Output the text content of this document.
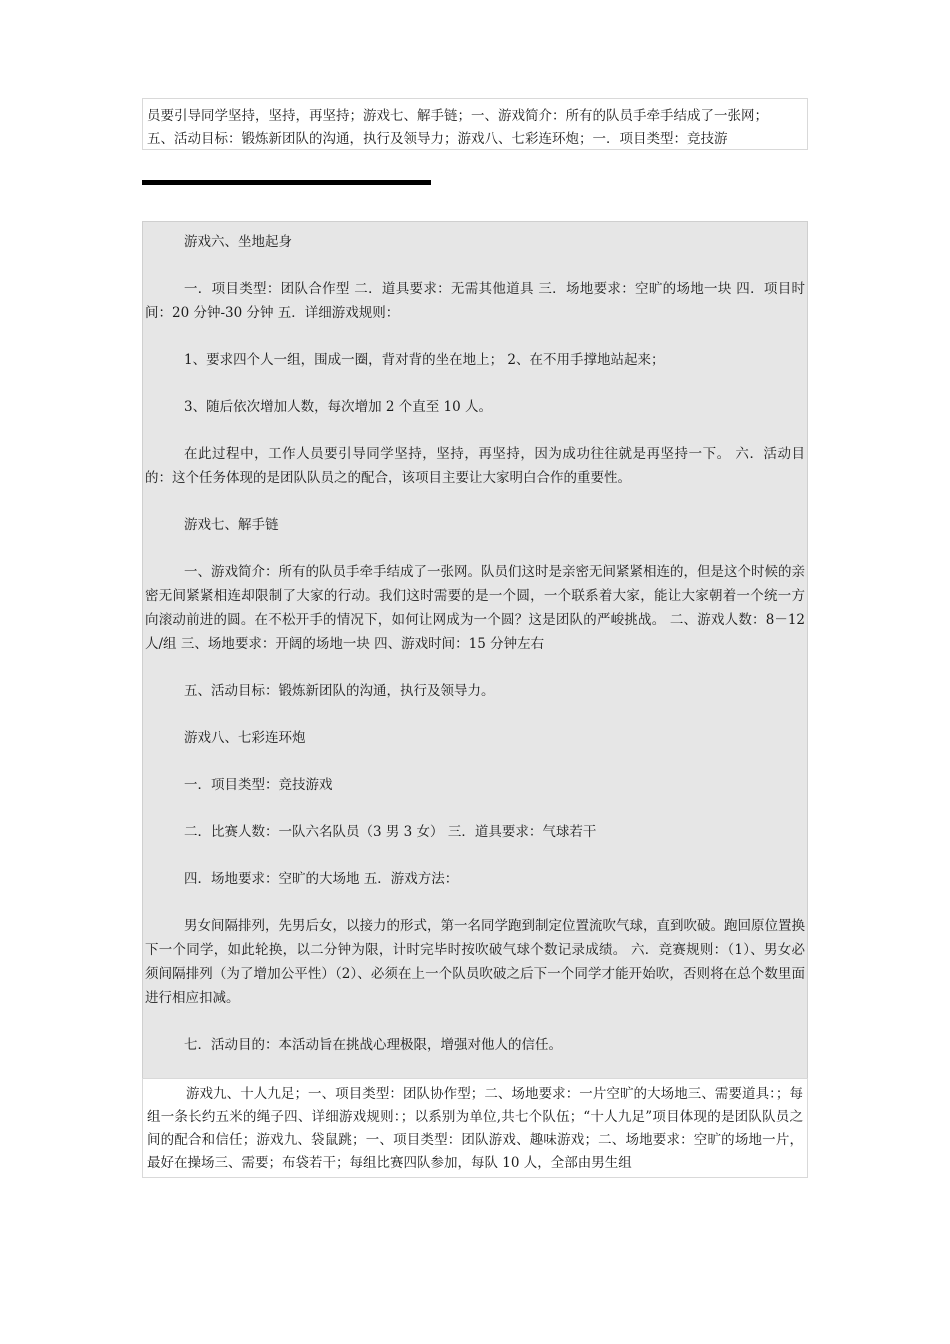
员要引导同学坚持，坚持，再坚持；游戏七、解手链；一、游戏简介：所有的队员手牵手结成了一张网；

五、活动目标：锻炼新团队的沟通，执行及领导力；游戏八、七彩连环炮；一．项目类型：竞技游

游戏六、坐地起身

一．项目类型：团队合作型 二．道具要求：无需其他道具 三．场地要求：空旷的场地一块 四．项目时间：20 分钟-30 分钟 五．详细游戏规则：

1、要求四个人一组，围成一圈，背对背的坐在地上； 2、在不用手撑地站起来；

3、随后依次增加人数，每次增加 2 个直至 10 人。

在此过程中，工作人员要引导同学坚持，坚持，再坚持，因为成功往往就是再坚持一下。 六．活动目的：这个任务体现的是团队队员之的配合，该项目主要让大家明白合作的重要性。

游戏七、解手链

一、游戏简介：所有的队员手牵手结成了一张网。队员们这时是亲密无间紧紧相连的，但是这个时候的亲密无间紧紧相连却限制了大家的行动。我们这时需要的是一个圆，一个联系着大家，能让大家朝着一个统一方向滚动前进的圆。在不松开手的情况下，如何让网成为一个圆？这是团队的严峻挑战。 二、游戏人数：8－12 人/组 三、场地要求：开阔的场地一块 四、游戏时间：15 分钟左右

五、活动目标：锻炼新团队的沟通，执行及领导力。

游戏八、七彩连环炮

一．项目类型：竞技游戏

二．比赛人数：一队六名队员（3 男 3 女） 三．道具要求：气球若干

四．场地要求：空旷的大场地 五．游戏方法：

男女间隔排列，先男后女，以接力的形式，第一名同学跑到制定位置流吹气球，直到吹破。跑回原位置换下一个同学，如此轮换，以二分钟为限，计时完毕时按吹破气球个数记录成绩。 六．竞赛规则：（1）、男女必须间隔排列（为了增加公平性）（2）、必须在上一个队员吹破之后下一个同学才能开始吹，否则将在总个数里面进行相应扣减。

七．活动目的：本活动旨在挑战心理极限，增强对他人的信任。

游戏九、十人九足；一、项目类型：团队协作型；二、场地要求：一片空旷的大场地三、需要道具：；每组一条长约五米的绳子四、详细游戏规则：；以系别为单位,共七个队伍；“十人九足”项目体现的是团队队员之间的配合和信任；游戏九、袋鼠跳；一、项目类型：团队游戏、趣味游戏；二、场地要求：空旷的场地一片，最好在操场三、需要；布袋若干；每组比赛四队参加，每队 10 人，全部由男生组
